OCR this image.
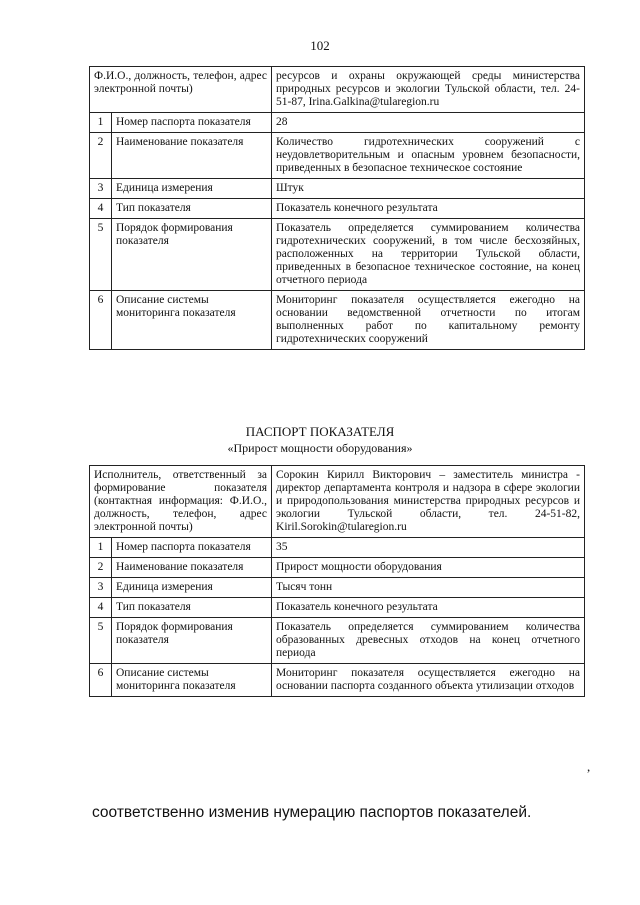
102
Ф.И.О., должность, телефон, адрес электронной почты)		ресурсов и охраны окружающей среды министерства природных ресурсов и экологии Тульской области, тел. 24-51-87, Irina.Galkina@tularegion.ru
1	Номер паспорта показателя	28
2	Наименование показателя	Количество гидротехнических сооружений с неудовлетворительным и опасным уровнем безопасности, приведенных в безопасное техническое состояние
3	Единица измерения	Штук
4	Тип показателя	Показатель конечного результата
5	Порядок формирования показателя	Показатель определяется суммированием количества гидротехнических сооружений, в том числе бесхозяйных, расположенных на территории Тульской области, приведенных в безопасное техническое состояние, на конец отчетного периода
6	Описание системы мониторинга показателя	Мониторинг показателя осуществляется ежегодно на основании ведомственной отчетности по итогам выполненных работ по капитальному ремонту гидротехнических сооружений
ПАСПОРТ ПОКАЗАТЕЛЯ
«Прирост мощности оборудования»
Исполнитель, ответственный за формирование показателя (контактная информация: Ф.И.О., должность, телефон, адрес электронной почты)		Сорокин Кирилл Викторович – заместитель министра - директор департамента контроля и надзора в сфере экологии и природопользования министерства природных ресурсов и экологии Тульской области, тел. 24-51-82, Kiril.Sorokin@tularegion.ru
1	Номер паспорта показателя	35
2	Наименование показателя	Прирост мощности оборудования
3	Единица измерения	Тысяч тонн
4	Тип показателя	Показатель конечного результата
5	Порядок формирования показателя	Показатель определяется суммированием количества образованных древесных отходов на конец отчетного периода
6	Описание системы мониторинга показателя	Мониторинг показателя осуществляется ежегодно на основании паспорта созданного объекта утилизации отходов
,
соответственно изменив нумерацию паспортов показателей.
